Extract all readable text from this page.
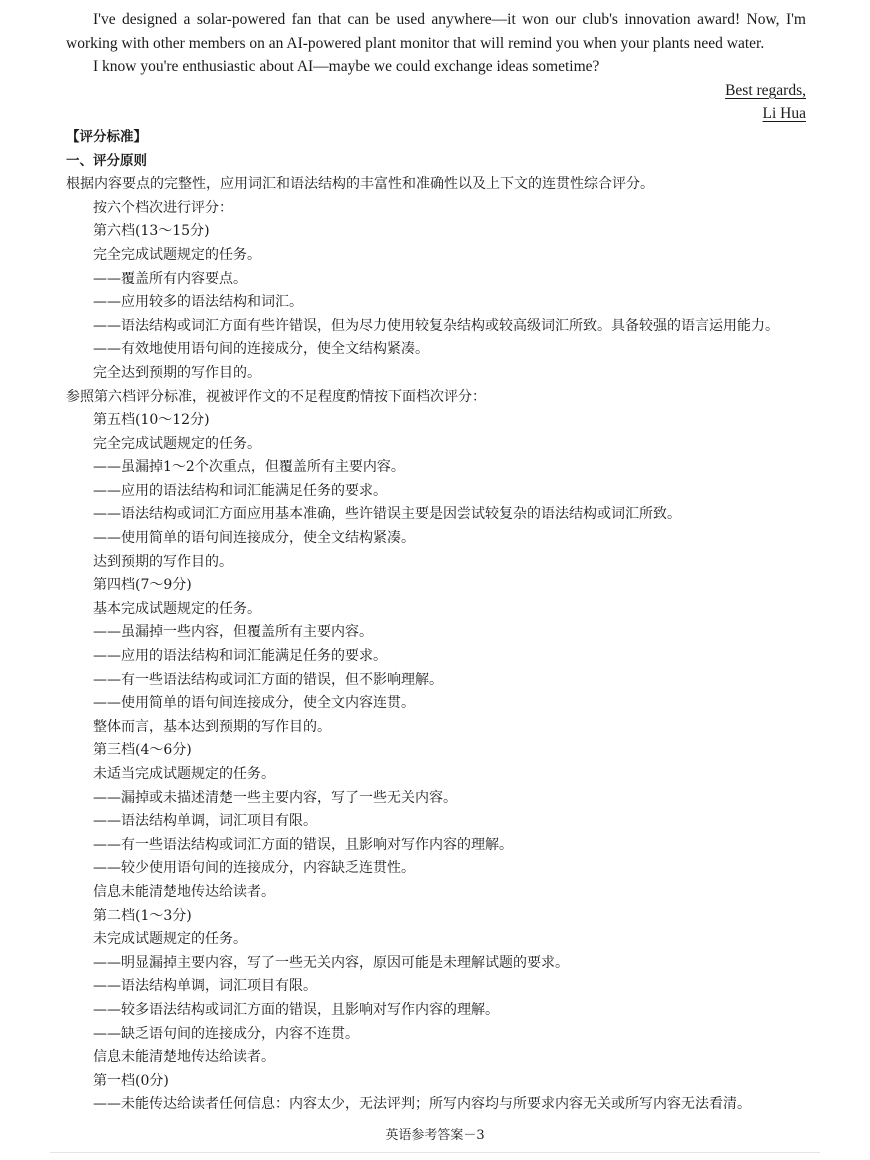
I've designed a solar-powered fan that can be used anywhere—it won our club's innovation award! Now, I'm
working with other members on an AI-powered plant monitor that will remind you when your plants need water.
I know you're enthusiastic about AI—maybe we could exchange ideas sometime?
Best regards,
Li Hua
【评分标准】
一、评分原则
根据内容要点的完整性，应用词汇和语法结构的丰富性和准确性以及上下文的连贯性综合评分。
按六个档次进行评分：
第六档(13～15分)
完全完成试题规定的任务。
——覆盖所有内容要点。
——应用较多的语法结构和词汇。
——语法结构或词汇方面有些许错误，但为尽力使用较复杂结构或较高级词汇所致。具备较强的语言运用能力。
——有效地使用语句间的连接成分，使全文结构紧凑。
完全达到预期的写作目的。
参照第六档评分标准，视被评作文的不足程度酌情按下面档次评分：
第五档(10～12分)
完全完成试题规定的任务。
——虽漏掉1～2个次重点，但覆盖所有主要内容。
——应用的语法结构和词汇能满足任务的要求。
——语法结构或词汇方面应用基本准确，些许错误主要是因尝试较复杂的语法结构或词汇所致。
——使用简单的语句间连接成分，使全文结构紧凑。
达到预期的写作目的。
第四档(7～9分)
基本完成试题规定的任务。
——虽漏掉一些内容，但覆盖所有主要内容。
——应用的语法结构和词汇能满足任务的要求。
——有一些语法结构或词汇方面的错误，但不影响理解。
——使用简单的语句间连接成分，使全文内容连贯。
整体而言，基本达到预期的写作目的。
第三档(4～6分)
未适当完成试题规定的任务。
——漏掉或未描述清楚一些主要内容，写了一些无关内容。
——语法结构单调，词汇项目有限。
——有一些语法结构或词汇方面的错误，且影响对写作内容的理解。
——较少使用语句间的连接成分，内容缺乏连贯性。
信息未能清楚地传达给读者。
第二档(1～3分)
未完成试题规定的任务。
——明显漏掉主要内容，写了一些无关内容，原因可能是未理解试题的要求。
——语法结构单调，词汇项目有限。
——较多语法结构或词汇方面的错误，且影响对写作内容的理解。
——缺乏语句间的连接成分，内容不连贯。
信息未能清楚地传达给读者。
第一档(0分)
——未能传达给读者任何信息：内容太少，无法评判；所写内容均与所要求内容无关或所写内容无法看清。
英语参考答案－3
